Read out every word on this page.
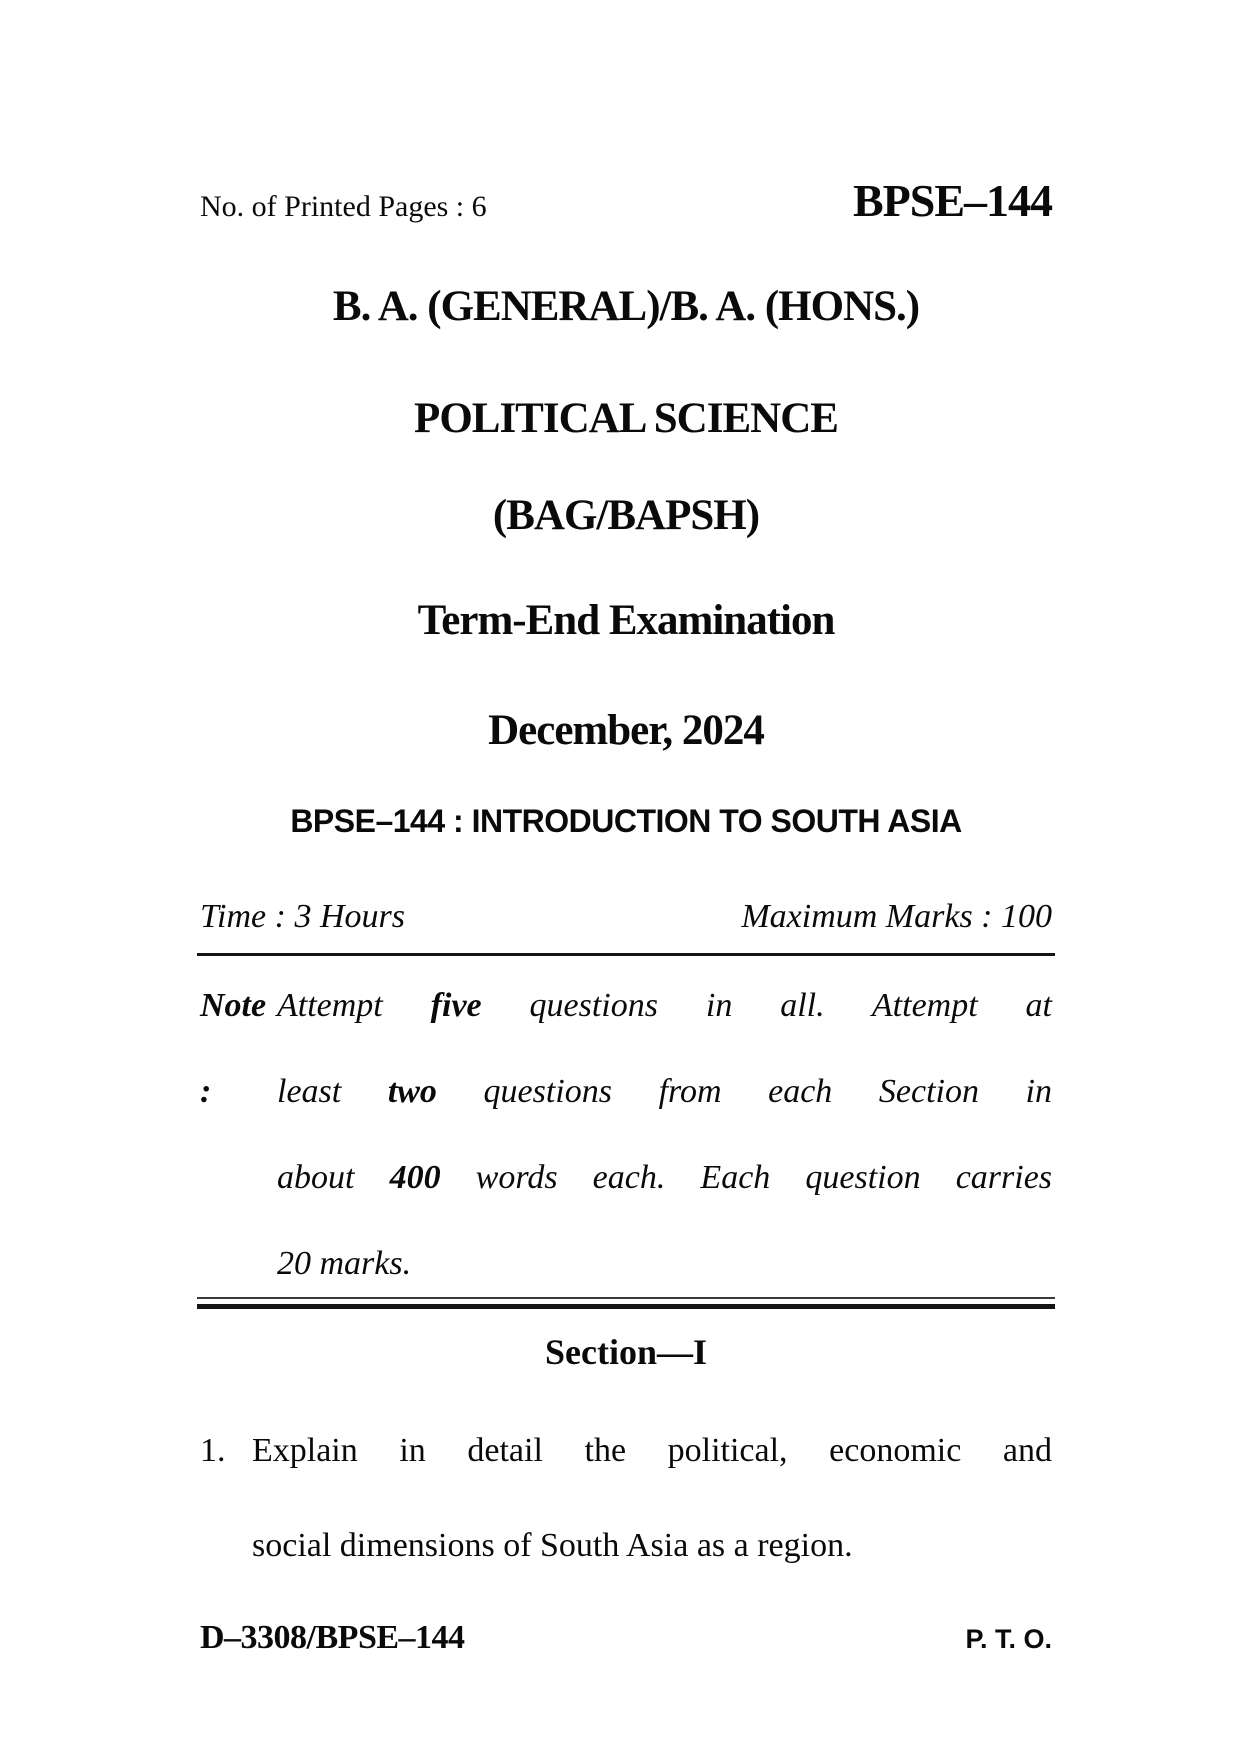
No. of Printed Pages : 6	BPSE–144
B. A. (GENERAL)/B. A. (HONS.)
POLITICAL SCIENCE
(BAG/BAPSH)
Term-End Examination
December, 2024
BPSE–144 : INTRODUCTION TO SOUTH ASIA
Time : 3 Hours	Maximum Marks : 100
Note :
Attempt five questions in all. Attempt at
least two questions from each Section in
about 400 words each. Each question carries
20 marks.
Section—I
1. Explain in detail the political, economic and
social dimensions of South Asia as a region.
D–3308/BPSE–144	P. T. O.
